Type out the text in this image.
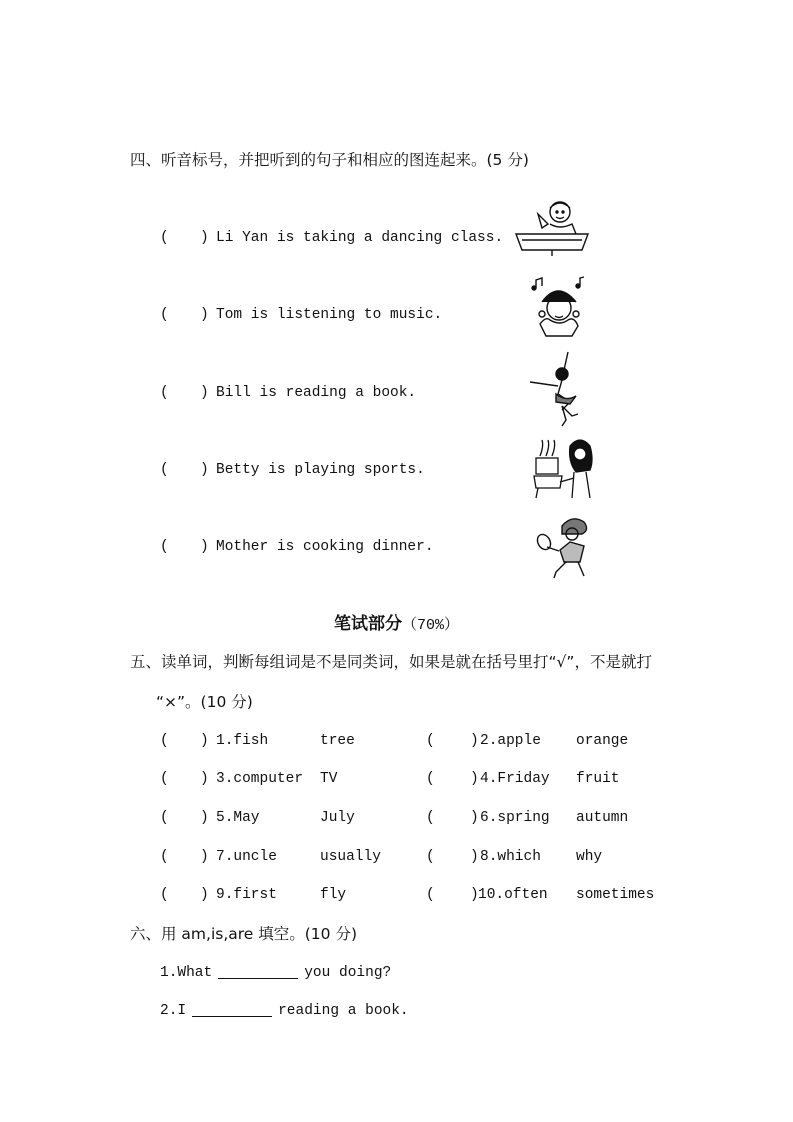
四、听音标号，并把听到的句子和相应的图连起来。(5 分)
( ) Li Yan is taking a dancing class.
( ) Tom is listening to music.
( ) Bill is reading a book.
( ) Betty is playing sports.
( ) Mother is cooking dinner.
笔试部分（70%）
五、读单词，判断每组词是不是同类词，如果是就在括号里打“√”，不是就打
“×”。(10 分)
( ) 1.fish	tree	( ) 2.apple orange
( ) 3.computer TV	( ) 4.Friday fruit
( ) 5.May	July	( ) 6.spring autumn
( ) 7.uncle	usually	( ) 8.which why
( ) 9.first	fly	( ) 10.often sometimes
六、用 am,is,are 填空。(10 分)
1.What	you doing?
2.I	reading a book.
